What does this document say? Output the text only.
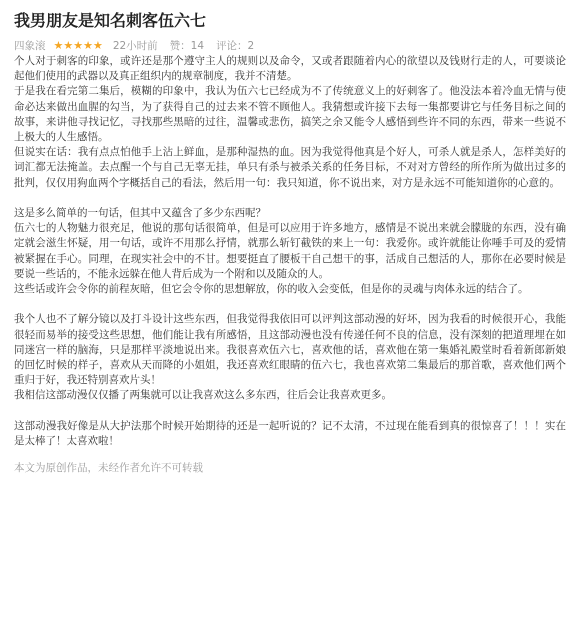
我男朋友是知名刺客伍六七
四象滚 ★★★★★ 22小时前 赞：14 评论：2

个人对于刺客的印象，或许还是那个遵守主人的规则以及命令，又或者跟随着内心的欲望以及钱财行走的人，可要谈论起他们使用的武器以及真正组织内的规章制度，我并不清楚。

于是我在看完第二集后，模糊的印象中，我认为伍六七已经成为不了传统意义上的好刺客了。他没法本着冷血无情与使命必达来做出血腥的勾当，为了获得自己的过去来不管不顾他人。我猜想或许接下去每一集都要讲它与任务目标之间的故事，来讲他寻找记忆，寻找那些黑暗的过往，温馨或悲伤，搞笑之余又能令人感悟到些许不同的东西，带来一些说不上极大的人生感悟。

但说实在话：我有点点怕他手上沾上鲜血，是那种湿热的血。因为我觉得他真是个好人，可杀人就是杀人，怎样美好的词汇都无法掩盖。去点醒一个与自己无辜无挂，单只有杀与被杀关系的任务目标，不对对方曾经的所作所为做出过多的批判，仅仅用狗血两个字概括自己的看法，然后用一句：我只知道，你不说出来，对方是永远不可能知道你的心意的。

这是多么简单的一句话，但其中又蕴含了多少东西呢？

伍六七的人物魅力很充足，他说的那句话很简单，但是可以应用于许多地方，感情是不说出来就会朦胧的东西，没有确定就会滋生怀疑，用一句话，或许不用那么抒情，就那么斩钉截铁的来上一句：我爱你。或许就能让你唾手可及的爱情被紧握在手心。同理，在现实社会中的不甘。想要挺直了腰板干自己想干的事，活成自己想活的人，那你在必要时候是要说一些话的，不能永远躲在他人背后成为一个附和以及随众的人。

这些话或许会令你的前程灰暗，但它会令你的思想解放，你的收入会变低，但是你的灵魂与肉体永远的结合了。

我个人也不了解分镜以及打斗设计这些东西，但我觉得我依旧可以评判这部动漫的好坏，因为我看的时候很开心，我能很轻而易举的接受这些思想，他们能让我有所感悟，且这部动漫也没有传递任何不良的信息，没有深刻的把道理埋在如同迷宫一样的脑海，只是那样平淡地说出来。我很喜欢伍六七，喜欢他的话，喜欢他在第一集婚礼殿堂时看着新郎新娘的回忆时候的样子，喜欢从天而降的小姐姐，我还喜欢红眼睛的伍六七，我也喜欢第二集最后的那首歌，喜欢他们两个重归于好，我还特别喜欢片头！

我相信这部动漫仅仅播了两集就可以让我喜欢这么多东西，往后会让我喜欢更多。

这部动漫我好像是从大护法那个时候开始期待的还是一起听说的？记不太清，不过现在能看到真的很惊喜了！！！实在是太棒了！太喜欢啦！

本文为原创作品，未经作者允许不可转载
